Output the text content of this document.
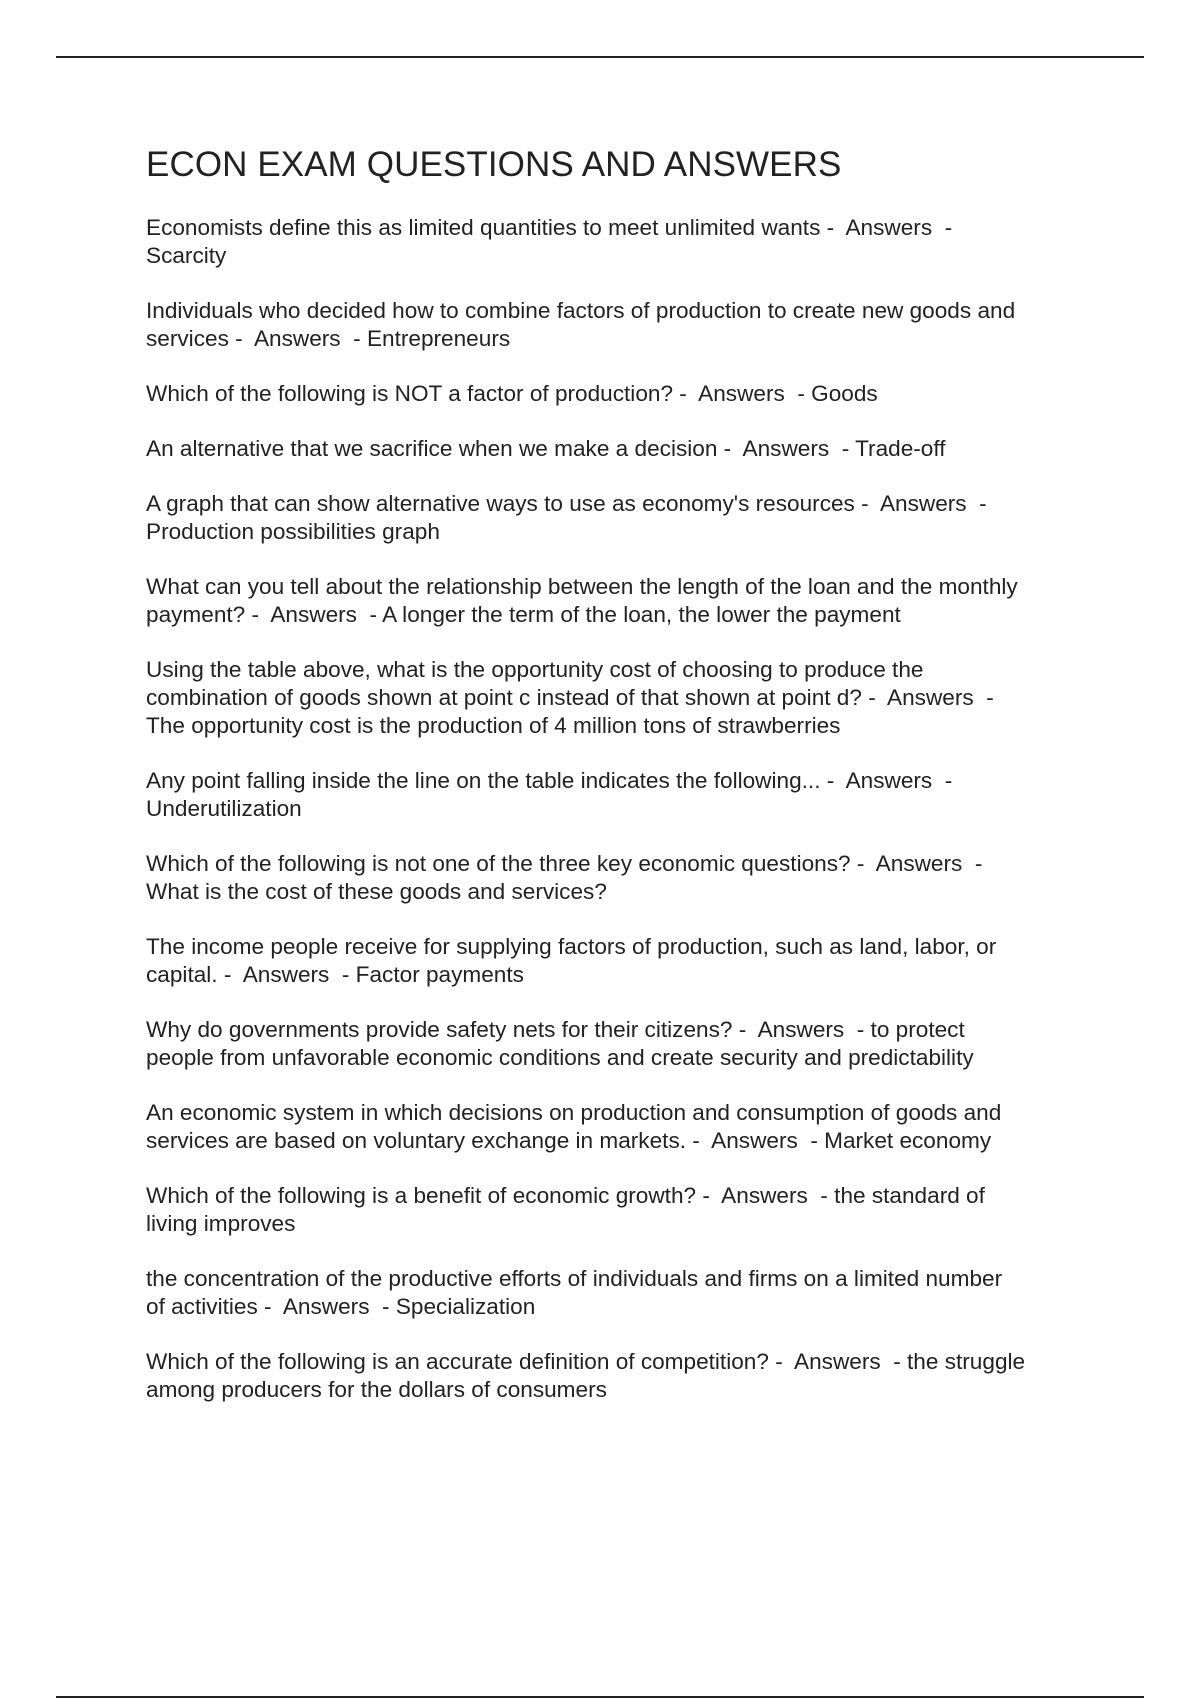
ECON EXAM QUESTIONS AND ANSWERS

Economists define this as limited quantities to meet unlimited wants -  Answers  -
Scarcity

Individuals who decided how to combine factors of production to create new goods and
services -  Answers  - Entrepreneurs

Which of the following is NOT a factor of production? -  Answers  - Goods

An alternative that we sacrifice when we make a decision -  Answers  - Trade-off

A graph that can show alternative ways to use as economy's resources -  Answers  -
Production possibilities graph

What can you tell about the relationship between the length of the loan and the monthly
payment? -  Answers  - A longer the term of the loan, the lower the payment

Using the table above, what is the opportunity cost of choosing to produce the
combination of goods shown at point c instead of that shown at point d? -  Answers  -
The opportunity cost is the production of 4 million tons of strawberries

Any point falling inside the line on the table indicates the following... -  Answers  -
Underutilization

Which of the following is not one of the three key economic questions? -  Answers  -
What is the cost of these goods and services?

The income people receive for supplying factors of production, such as land, labor, or
capital. -  Answers  - Factor payments

Why do governments provide safety nets for their citizens? -  Answers  - to protect
people from unfavorable economic conditions and create security and predictability

An economic system in which decisions on production and consumption of goods and
services are based on voluntary exchange in markets. -  Answers  - Market economy

Which of the following is a benefit of economic growth? -  Answers  - the standard of
living improves

the concentration of the productive efforts of individuals and firms on a limited number
of activities -  Answers  - Specialization

Which of the following is an accurate definition of competition? -  Answers  - the struggle
among producers for the dollars of consumers
